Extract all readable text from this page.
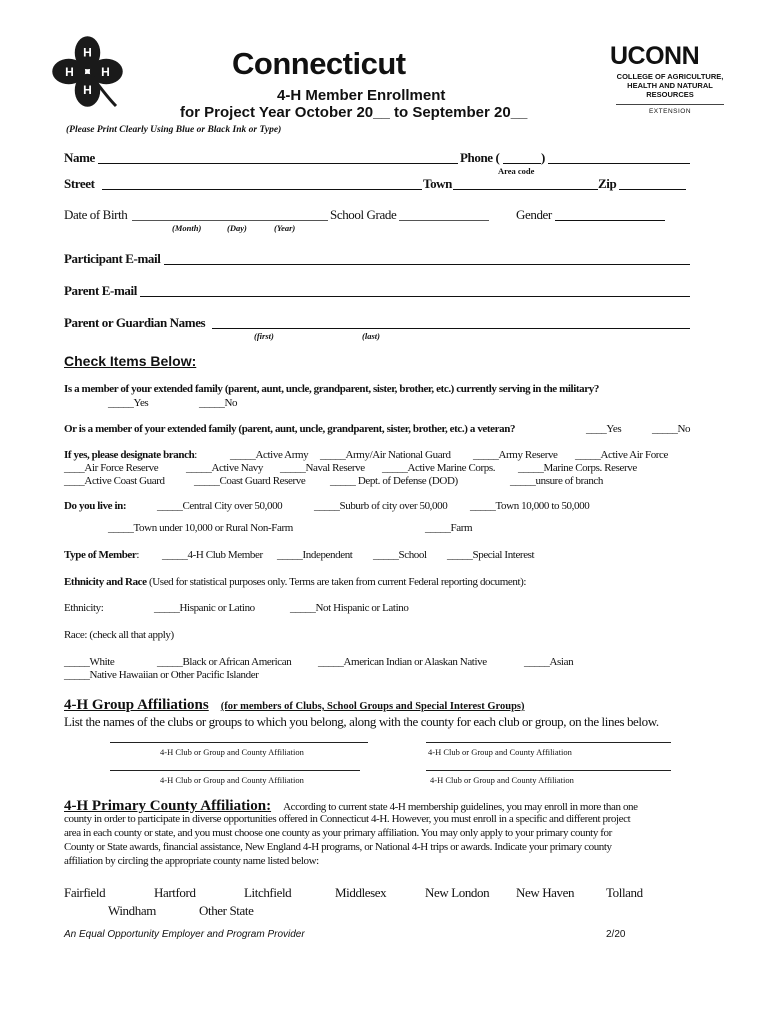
H
H H
H
UCONN
COLLEGE OF AGRICULTURE, HEALTH AND NATURAL RESOURCES
EXTENSION
Connecticut
4-H Member Enrollment
for Project Year October 20__ to September 20__
(Please Print Clearly Using Blue or Black Ink or Type)
Name	Phone (	)
Area code
Street	Town	Zip
Date of Birth	School Grade	Gender
(Month)	(Day)	(Year)
Participant E-mail
Parent E-mail
Parent or Guardian Names
(first)	(last)
Check Items Below:
Is a member of your extended family (parent, aunt, uncle, grandparent, sister, brother, etc.) currently serving in the military?
_____Yes	_____No
Or is a member of your extended family (parent, aunt, uncle, grandparent, sister, brother, etc.) a veteran?	____Yes	_____No
If yes, please designate branch:	_____Active Army _____Army/Air National Guard _____Army Reserve _____Active Air Force
____Air Force Reserve	_____Active Navy _____Naval Reserve _____Active Marine Corps. _____Marine Corps. Reserve
____Active Coast Guard	_____Coast Guard Reserve _____ Dept. of Defense (DOD)	_____unsure of branch
Do you live in:	_____Central City over 50,000	_____Suburb of city over 50,000 _____Town 10,000 to 50,000
_____Town under 10,000 or Rural Non-Farm	_____Farm
Type of Member: _____4-H Club Member _____Independent _____School _____Special Interest
Ethnicity and Race (Used for statistical purposes only. Terms are taken from current Federal reporting document):
Ethnicity:	_____Hispanic or Latino	_____Not Hispanic or Latino
Race: (check all that apply)
_____White	_____Black or African American _____American Indian or Alaskan Native	_____Asian
_____Native Hawaiian or Other Pacific Islander
4-H Group Affiliations (for members of Clubs, School Groups and Special Interest Groups)
List the names of the clubs or groups to which you belong, along with the county for each club or group, on the lines below.
4-H Club or Group and County Affiliation	4-H Club or Group and County Affiliation
4-H Club or Group and County Affiliation	4-H Club or Group and County Affiliation
4-H Primary County Affiliation: According to current state 4-H membership guidelines, you may enroll in more than one
county in order to participate in diverse opportunities offered in Connecticut 4-H. However, you must enroll in a specific and different project
area in each county or state, and you must choose one county as your primary affiliation. You may only apply to your primary county for
County or State awards, financial assistance, New England 4-H programs, or National 4-H trips or awards. Indicate your primary county
affiliation by circling the appropriate county name listed below:
Fairfield	Hartford	Litchfield	Middlesex	New London New Haven Tolland
Windham	Other State
An Equal Opportunity Employer and Program Provider	2/20
